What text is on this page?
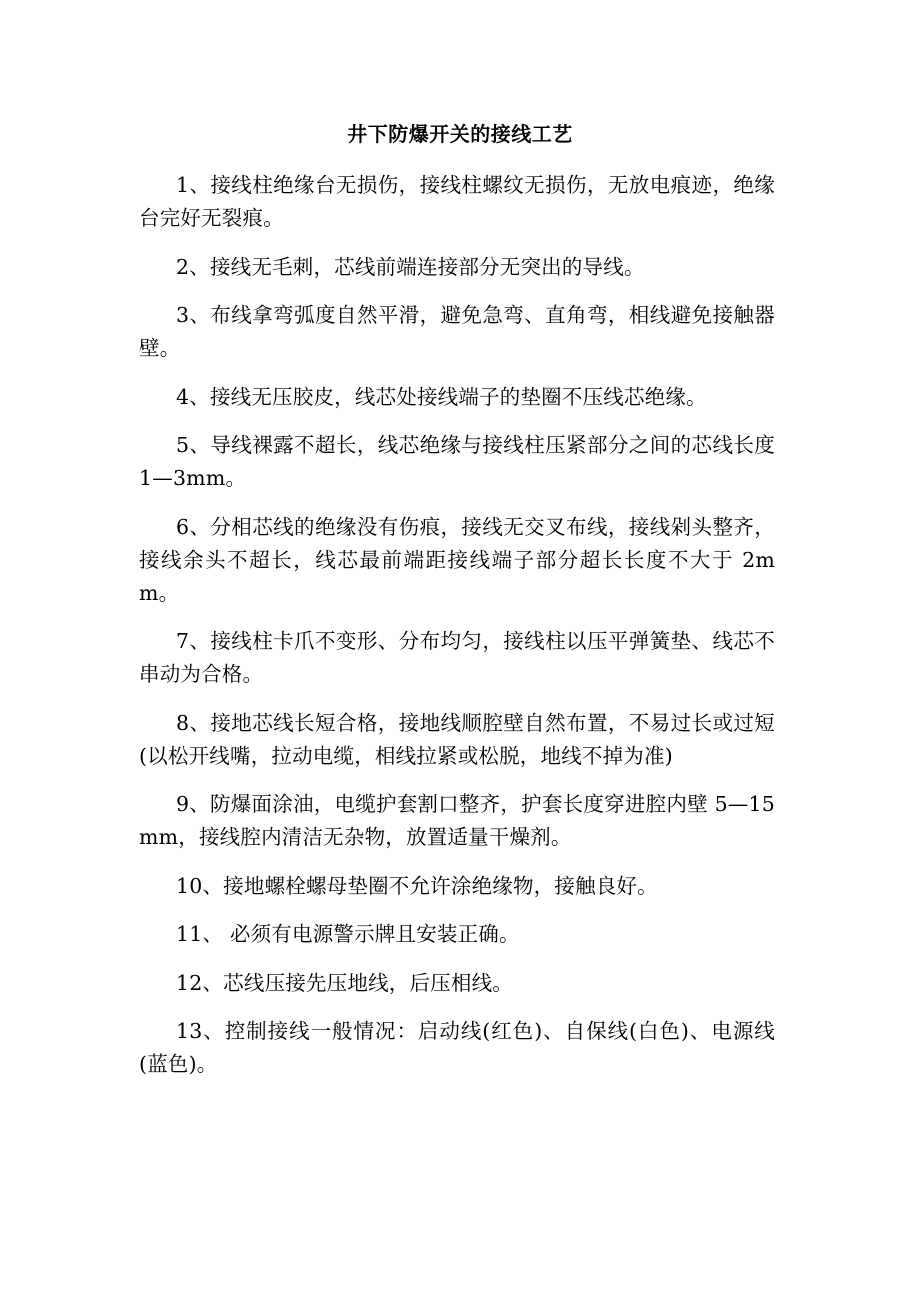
井下防爆开关的接线工艺

1、接线柱绝缘台无损伤，接线柱螺纹无损伤，无放电痕迹，绝缘台完好无裂痕。

2、接线无毛刺，芯线前端连接部分无突出的导线。

3、布线拿弯弧度自然平滑，避免急弯、直角弯，相线避免接触器壁。

4、接线无压胶皮，线芯处接线端子的垫圈不压线芯绝缘。

5、导线裸露不超长，线芯绝缘与接线柱压紧部分之间的芯线长度 1—3mm。

6、分相芯线的绝缘没有伤痕，接线无交叉布线，接线剁头整齐，接线余头不超长，线芯最前端距接线端子部分超长长度不大于 2mm。

7、接线柱卡爪不变形、分布均匀，接线柱以压平弹簧垫、线芯不串动为合格。

8、接地芯线长短合格，接地线顺腔壁自然布置，不易过长或过短(以松开线嘴，拉动电缆，相线拉紧或松脱，地线不掉为准)

9、防爆面涂油，电缆护套割口整齐，护套长度穿进腔内壁 5—15mm，接线腔内清洁无杂物，放置适量干燥剂。

10、接地螺栓螺母垫圈不允许涂绝缘物，接触良好。

11、 必须有电源警示牌且安装正确。

12、芯线压接先压地线，后压相线。

13、控制接线一般情况：启动线(红色)、自保线(白色)、电源线(蓝色)。
